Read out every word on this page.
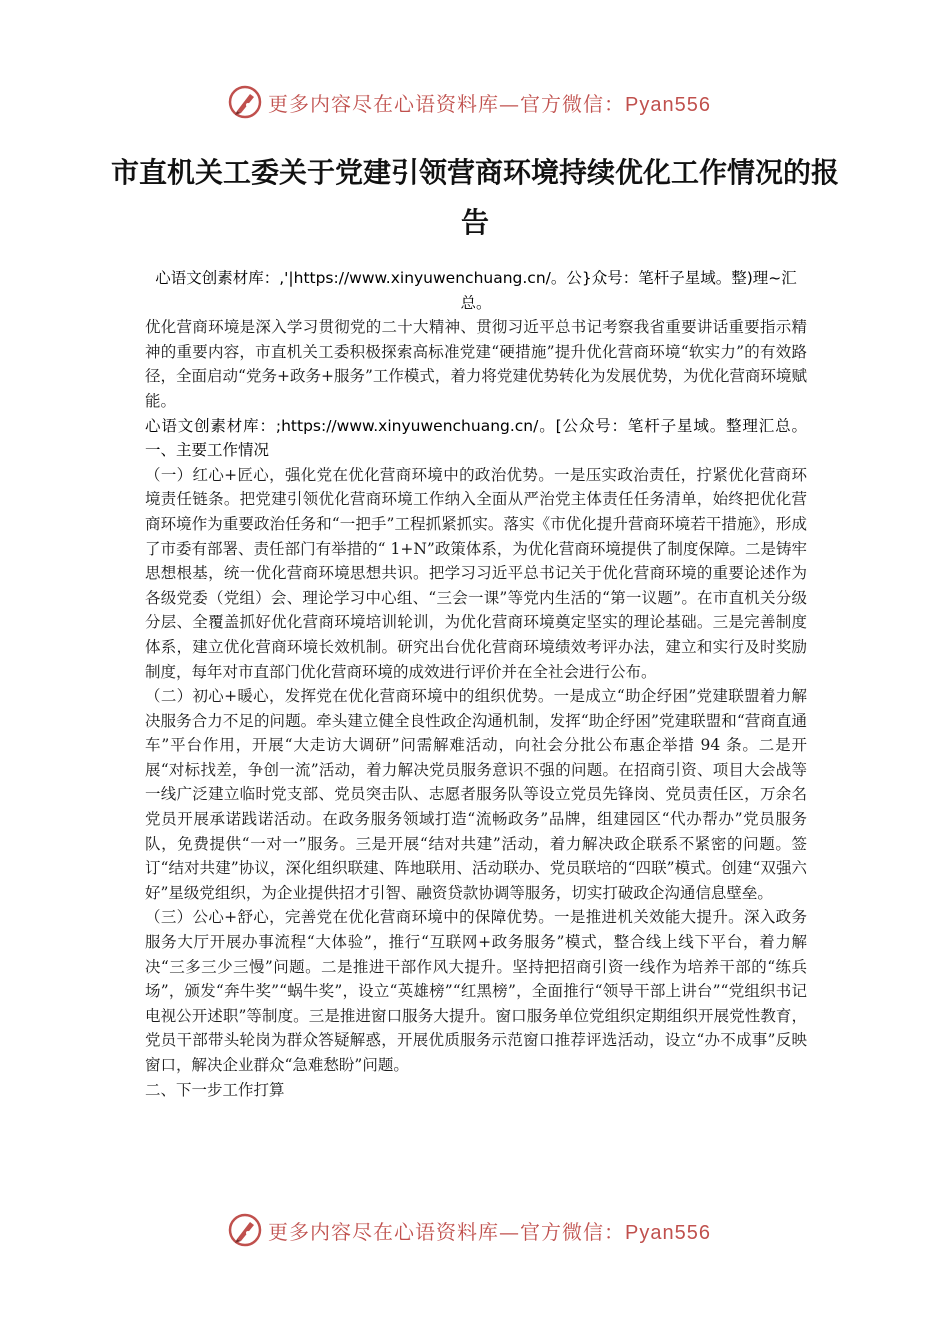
更多内容尽在心语资料库—官方微信：Pyan556
市直机关工委关于党建引领营商环境持续优化工作情况的报告

心语文创素材库：,'|https://www.xinyuwenchuang.cn/。公}众号：笔杆子星域。整)理~汇总。

优化营商环境是深入学习贯彻党的二十大精神、贯彻习近平总书记考察我省重要讲话重要指示精神的重要内容，市直机关工委积极探索高标准党建“硬措施”提升优化营商环境“软实力”的有效路径，全面启动“党务+政务+服务”工作模式，着力将党建优势转化为发展优势，为优化营商环境赋能。

心语文创素材库：;https://www.xinyuwenchuang.cn/。[公众号：笔杆子星域。整理汇总。一、主要工作情况

（一）红心+匠心，强化党在优化营商环境中的政治优势。一是压实政治责任，拧紧优化营商环境责任链条。把党建引领优化营商环境工作纳入全面从严治党主体责任任务清单，始终把优化营商环境作为重要政治任务和“一把手”工程抓紧抓实。落实《市优化提升营商环境若干措施》，形成了市委有部署、责任部门有举措的“ 1+N”政策体系，为优化营商环境提供了制度保障。二是铸牢思想根基，统一优化营商环境思想共识。把学习习近平总书记关于优化营商环境的重要论述作为各级党委（党组）会、理论学习中心组、“三会一课”等党内生活的“第一议题”。在市直机关分级分层、全覆盖抓好优化营商环境培训轮训，为优化营商环境奠定坚实的理论基础。三是完善制度体系，建立优化营商环境长效机制。研究出台优化营商环境绩效考评办法，建立和实行及时奖励制度，每年对市直部门优化营商环境的成效进行评价并在全社会进行公布。

（二）初心+暖心，发挥党在优化营商环境中的组织优势。一是成立“助企纾困”党建联盟着力解决服务合力不足的问题。牵头建立健全良性政企沟通机制，发挥“助企纾困”党建联盟和“营商直通车”平台作用，开展“大走访大调研”问需解难活动，向社会分批公布惠企举措 94 条。二是开展“对标找差，争创一流”活动，着力解决党员服务意识不强的问题。在招商引资、项目大会战等一线广泛建立临时党支部、党员突击队、志愿者服务队等设立党员先锋岗、党员责任区，万余名党员开展承诺践诺活动。在政务服务领域打造“流畅政务”品牌，组建园区“代办帮办”党员服务队，免费提供“一对一”服务。三是开展“结对共建”活动，着力解决政企联系不紧密的问题。签订“结对共建”协议，深化组织联建、阵地联用、活动联办、党员联培的“四联”模式。创建“双强六好”星级党组织，为企业提供招才引智、融资贷款协调等服务，切实打破政企沟通信息壁垒。

（三）公心+舒心，完善党在优化营商环境中的保障优势。一是推进机关效能大提升。深入政务服务大厅开展办事流程“大体验”，推行“互联网+政务服务”模式，整合线上线下平台，着力解决“三多三少三慢”问题。二是推进干部作风大提升。坚持把招商引资一线作为培养干部的“练兵场”，颁发“奔牛奖”“蜗牛奖”，设立“英雄榜”“红黑榜”，全面推行“领导干部上讲台”“党组织书记电视公开述职”等制度。三是推进窗口服务大提升。窗口服务单位党组织定期组织开展党性教育，党员干部带头轮岗为群众答疑解惑，开展优质服务示范窗口推荐评选活动，设立“办不成事”反映窗口，解决企业群众“急难愁盼”问题。

二、下一步工作打算

更多内容尽在心语资料库—官方微信：Pyan556
